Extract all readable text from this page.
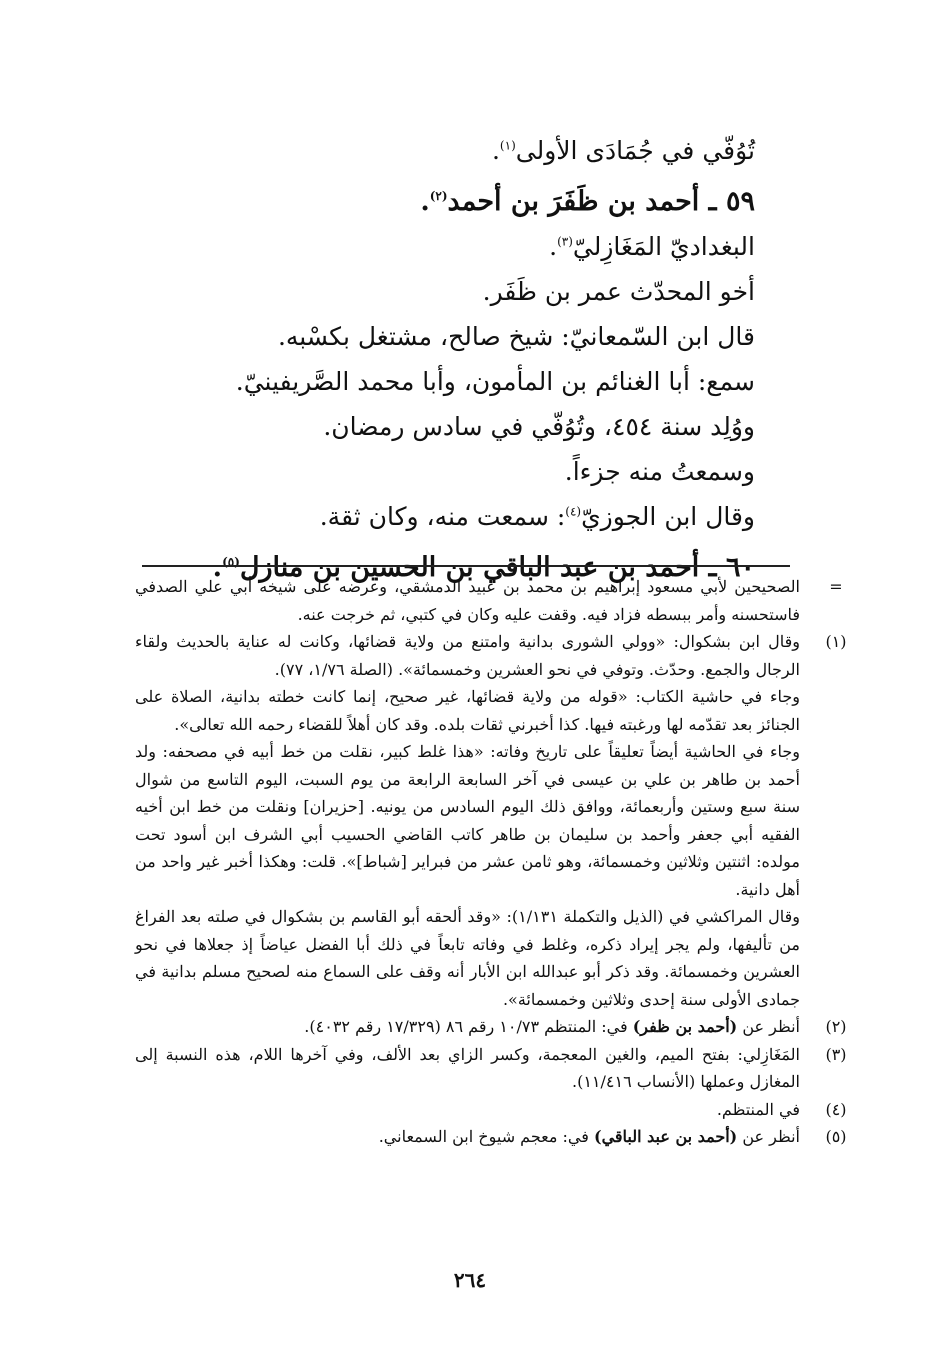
تُوُفّي في جُمَادَى الأولى$^{(١)}$.
٥٩ ـ أحمد بن ظَفَرَ بن أحمد$^{(٢)}$.
البغداديّ المَغَازِليّ$^{(٣)}$.
أخو المحدّث عمر بن ظَفَر.
قال ابن السّمعانيّ: شيخ صالح، مشتغل بكسْبه.
سمع: أبا الغنائم بن المأمون، وأبا محمد الصَّريفينيّ.
ووُلِد سنة ٤٥٤، وتُوُفّي في سادس رمضان.
وسمعتُ منه جزءاً.
وقال ابن الجوزيّ$^{(٤)}$: سمعت منه، وكان ثقة.
٦٠ ـ أحمد بن عبد الباقي بن الحسين بن منازل$^{(٥)}$.
=

الصحيحين لأبي مسعود إبراهيم بن محمد بن عبيد الدمشقي، وعرضه على شيخه أبي علي الصدفي فاستحسنه وأمر ببسطه فزاد فيه. وقفت عليه وكان في كتبي، ثم خرجت عنه.

(١)

وقال ابن بشكوال: «وولي الشورى بدانية وامتنع من ولاية قضائها، وكانت له عناية بالحديث ولقاء الرجال والجمع. وحدّث. وتوفي في نحو العشرين وخمسمائة». (الصلة ١/٧٦، ٧٧).

وجاء في حاشية الكتاب: «قوله من ولاية قضائها، غير صحيح، إنما كانت خطته بدانية، الصلاة على الجنائز بعد تقدّمه لها ورغبته فيها. كذا أخبرني ثقات بلده. وقد كان أهلاً للقضاء رحمه الله تعالى».

وجاء في الحاشية أيضاً تعليقاً على تاريخ وفاته: «هذا غلط كبير، نقلت من خط أبيه في مصحفه: ولد أحمد بن طاهر بن علي بن عيسى في آخر السابعة الرابعة من يوم السبت، اليوم التاسع من شوال سنة سبع وستين وأربعمائة، ووافق ذلك اليوم السادس من يونيه. [حزيران] ونقلت من خط ابن أخيه الفقيه أبي جعفر وأحمد بن سليمان بن طاهر كاتب القاضي الحسيب أبي الشرف ابن أسود تحت مولده: اثنتين وثلاثين وخمسمائة، وهو ثامن عشر من فبراير [شباط]». قلت: وهكذا أخبر غير واحد من أهل دانية.

وقال المراكشي في (الذيل والتكملة ١/١٣١): «وقد ألحقه أبو القاسم بن بشكوال في صلته بعد الفراغ من تأليفها، ولم يجر إيراد ذكره، وغلط في وفاته تابعاً في ذلك أبا الفضل عياضاً إذ جعلاها في نحو العشرين وخمسمائة. وقد ذكر أبو عبدالله ابن الأبار أنه وقف على السماع منه لصحيح مسلم بدانية في جمادى الأولى سنة إحدى وثلاثين وخمسمائة».

(٢)

أنظر عن (أحمد بن ظفر) في: المنتظم ١٠/٧٣ رقم ٨٦ (١٧/٣٢٩ رقم ٤٠٣٢).

(٣)

المَغَازِلي: بفتح الميم، والغين المعجمة، وكسر الزاي بعد الألف، وفي آخرها اللام، هذه النسبة إلى المغازل وعملها (الأنساب ١١/٤١٦).

(٤)

في المنتظم.

(٥)

أنظر عن (أحمد بن عبد الباقي) في: معجم شيوخ ابن السمعاني.

٢٦٤
